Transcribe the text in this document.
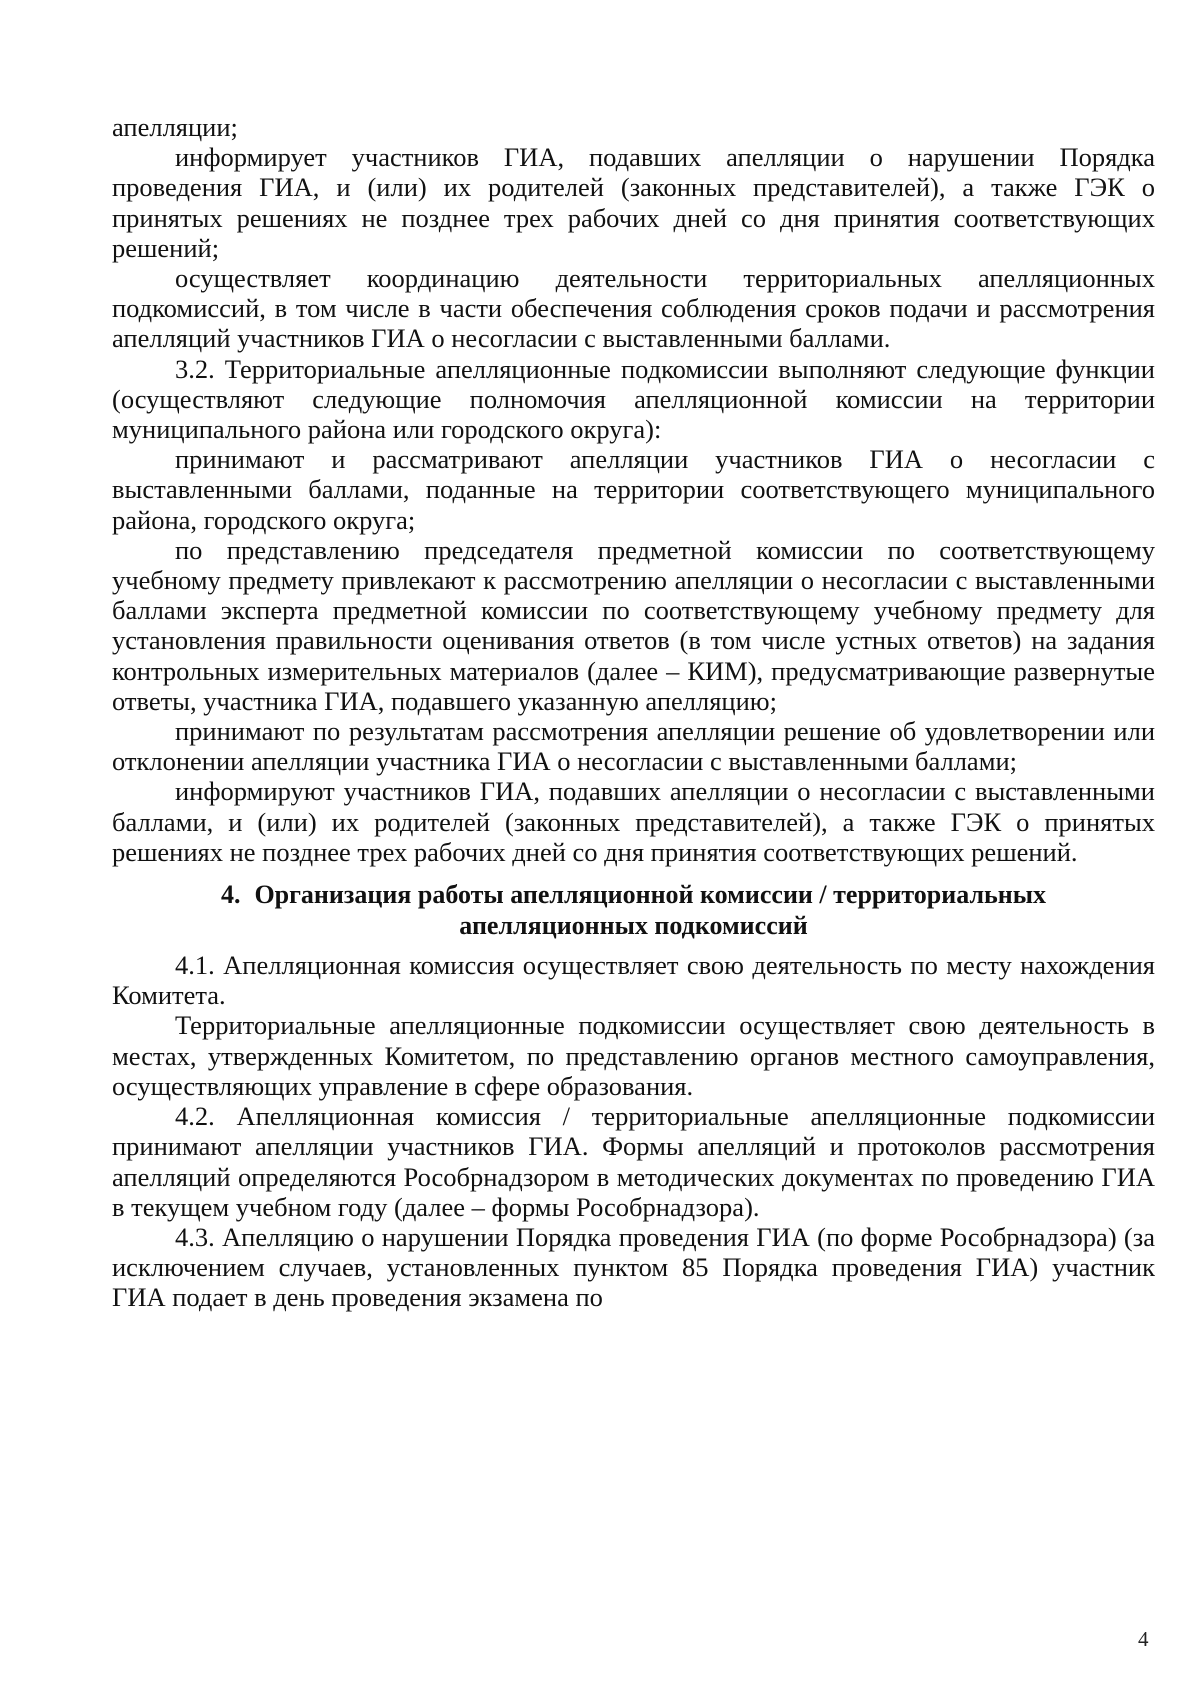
апелляции;

информирует участников ГИА, подавших апелляции о нарушении Порядка проведения ГИА, и (или) их родителей (законных представителей), а также ГЭК о принятых решениях не позднее трех рабочих дней со дня принятия соответствующих решений;

осуществляет координацию деятельности территориальных апелляционных подкомиссий, в том числе в части обеспечения соблюдения сроков подачи и рассмотрения апелляций участников ГИА о несогласии с выставленными баллами.

3.2. Территориальные апелляционные подкомиссии выполняют следующие функции (осуществляют следующие полномочия апелляционной комиссии на территории муниципального района или городского округа):

принимают и рассматривают апелляции участников ГИА о несогласии с выставленными баллами, поданные на территории соответствующего муниципального района, городского округа;

по представлению председателя предметной комиссии по соответствующему учебному предмету привлекают к рассмотрению апелляции о несогласии с выставленными баллами эксперта предметной комиссии по соответствующему учебному предмету для установления правильности оценивания ответов (в том числе устных ответов) на задания контрольных измерительных материалов (далее – КИМ), предусматривающие развернутые ответы, участника ГИА, подавшего указанную апелляцию;

принимают по результатам рассмотрения апелляции решение об удовлетворении или отклонении апелляции участника ГИА о несогласии с выставленными баллами;

информируют участников ГИА, подавших апелляции о несогласии с выставленными баллами, и (или) их родителей (законных представителей), а также ГЭК о принятых решениях не позднее трех рабочих дней со дня принятия соответствующих решений.

4. Организация работы апелляционной комиссии / территориальных
апелляционных подкомиссий

4.1. Апелляционная комиссия осуществляет свою деятельность по месту нахождения Комитета.

Территориальные апелляционные подкомиссии осуществляет свою деятельность в местах, утвержденных Комитетом, по представлению органов местного самоуправления, осуществляющих управление в сфере образования.

4.2. Апелляционная комиссия / территориальные апелляционные подкомиссии принимают апелляции участников ГИА. Формы апелляций и протоколов рассмотрения апелляций определяются Рособрнадзором в методических документах по проведению ГИА в текущем учебном году (далее – формы Рособрнадзора).

4.3. Апелляцию о нарушении Порядка проведения ГИА (по форме Рособрнадзора) (за исключением случаев, установленных пунктом 85 Порядка проведения ГИА) участник ГИА подает в день проведения экзамена по

4
